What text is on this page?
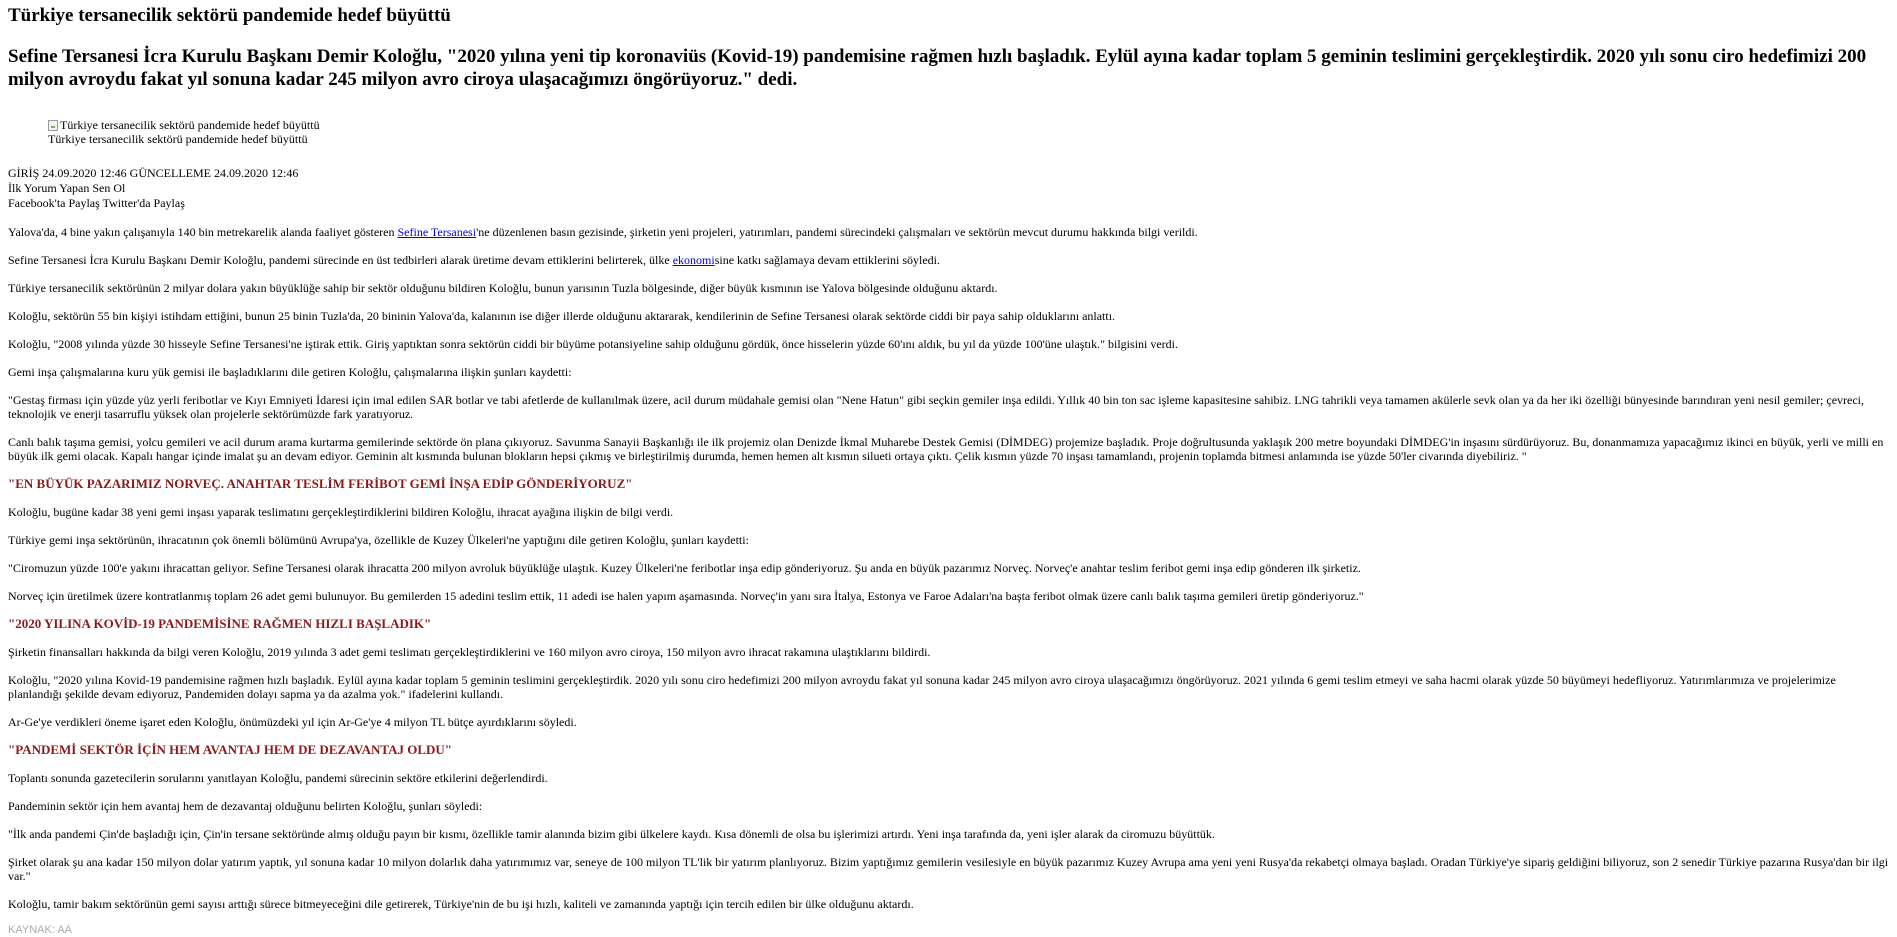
Türkiye tersanecilik sektörü pandemide hedef büyüttü
Sefine Tersanesi İcra Kurulu Başkanı Demir Koloğlu, "2020 yılına yeni tip koronaviüs (Kovid-19) pandemisine rağmen hızlı başladık. Eylül ayına kadar toplam 5 geminin teslimini gerçekleştirdik. 2020 yılı sonu ciro hedefimizi 200 milyon avroydu fakat yıl sonuna kadar 245 milyon avro ciroya ulaşacağımızı öngörüyoruz." dedi.
Türkiye tersanecilik sektörü pandemide hedef büyüttü
Türkiye tersanecilik sektörü pandemide hedef büyüttü
GİRİŞ 24.09.2020 12:46 GÜNCELLEME 24.09.2020 12:46
İlk Yorum Yapan Sen Ol
Facebook'ta Paylaş Twitter'da Paylaş

Yalova'da, 4 bine yakın çalışanıyla 140 bin metrekarelik alanda faaliyet gösteren Sefine Tersanesi'ne düzenlenen basın gezisinde, şirketin yeni projeleri, yatırımları, pandemi sürecindeki çalışmaları ve sektörün mevcut durumu hakkında bilgi verildi.

Sefine Tersanesi İcra Kurulu Başkanı Demir Koloğlu, pandemi sürecinde en üst tedbirleri alarak üretime devam ettiklerini belirterek, ülke ekonomisine katkı sağlamaya devam ettiklerini söyledi.

Türkiye tersanecilik sektörünün 2 milyar dolara yakın büyüklüğe sahip bir sektör olduğunu bildiren Koloğlu, bunun yarısının Tuzla bölgesinde, diğer büyük kısmının ise Yalova bölgesinde olduğunu aktardı.

Koloğlu, sektörün 55 bin kişiyi istihdam ettiğini, bunun 25 binin Tuzla'da, 20 bininin Yalova'da, kalanının ise diğer illerde olduğunu aktararak, kendilerinin de Sefine Tersanesi olarak sektörde ciddi bir paya sahip olduklarını anlattı.

Koloğlu, "2008 yılında yüzde 30 hisseyle Sefine Tersanesi'ne iştirak ettik. Giriş yaptıktan sonra sektörün ciddi bir büyüme potansiyeline sahip olduğunu gördük, önce hisselerin yüzde 60'ını aldık, bu yıl da yüzde 100'üne ulaştık." bilgisini verdi.

Gemi inşa çalışmalarına kuru yük gemisi ile başladıklarını dile getiren Koloğlu, çalışmalarına ilişkin şunları kaydetti:

"Gestaş firması için yüzde yüz yerli feribotlar ve Kıyı Emniyeti İdaresi için imal edilen SAR botlar ve tabi afetlerde de kullanılmak üzere, acil durum müdahale gemisi olan "Nene Hatun" gibi seçkin gemiler inşa edildi. Yıllık 40 bin ton sac işleme kapasitesine sahibiz. LNG tahrikli veya tamamen akülerle sevk olan ya da her iki özelliği bünyesinde barındıran yeni nesil gemiler; çevreci, teknolojik ve enerji tasarruflu yüksek olan projelerle sektörümüzde fark yaratıyoruz.

Canlı balık taşıma gemisi, yolcu gemileri ve acil durum arama kurtarma gemilerinde sektörde ön plana çıkıyoruz. Savunma Sanayii Başkanlığı ile ilk projemiz olan Denizde İkmal Muharebe Destek Gemisi (DİMDEG) projemize başladık. Proje doğrultusunda yaklaşık 200 metre boyundaki DİMDEG'in inşasını sürdürüyoruz. Bu, donanmamıza yapacağımız ikinci en büyük, yerli ve milli en büyük ilk gemi olacak. Kapalı hangar içinde imalat şu an devam ediyor. Geminin alt kısmında bulunan blokların hepsi çıkmış ve birleştirilmiş durumda, hemen hemen alt kısmın silueti ortaya çıktı. Çelik kısmın yüzde 70 inşası tamamlandı, projenin toplamda bitmesi anlamında ise yüzde 50'ler civarında diyebiliriz. "

"EN BÜYÜK PAZARIMIZ NORVEÇ. ANAHTAR TESLİM FERİBOT GEMİ İNŞA EDİP GÖNDERİYORUZ"

Koloğlu, bugüne kadar 38 yeni gemi inşası yaparak teslimatını gerçekleştirdiklerini bildiren Koloğlu, ihracat ayağına ilişkin de bilgi verdi.

Türkiye gemi inşa sektörünün, ihracatının çok önemli bölümünü Avrupa'ya, özellikle de Kuzey Ülkeleri'ne yaptığını dile getiren Koloğlu, şunları kaydetti:

"Ciromuzun yüzde 100'e yakını ihracattan geliyor. Sefine Tersanesi olarak ihracatta 200 milyon avroluk büyüklüğe ulaştık. Kuzey Ülkeleri'ne feribotlar inşa edip gönderiyoruz. Şu anda en büyük pazarımız Norveç. Norveç'e anahtar teslim feribot gemi inşa edip gönderen ilk şirketiz.

Norveç için üretilmek üzere kontratlanmış toplam 26 adet gemi bulunuyor. Bu gemilerden 15 adedini teslim ettik, 11 adedi ise halen yapım aşamasında. Norveç'in yanı sıra İtalya, Estonya ve Faroe Adaları'na başta feribot olmak üzere canlı balık taşıma gemileri üretip gönderiyoruz."

"2020 YILINA KOVİD-19 PANDEMİSİNE RAĞMEN HIZLI BAŞLADIK"

Şirketin finansalları hakkında da bilgi veren Koloğlu, 2019 yılında 3 adet gemi teslimatı gerçekleştirdiklerini ve 160 milyon avro ciroya, 150 milyon avro ihracat rakamına ulaştıklarını bildirdi.

Koloğlu, "2020 yılına Kovid-19 pandemisine rağmen hızlı başladık. Eylül ayına kadar toplam 5 geminin teslimini gerçekleştirdik. 2020 yılı sonu ciro hedefimizi 200 milyon avroydu fakat yıl sonuna kadar 245 milyon avro ciroya ulaşacağımızı öngörüyoruz. 2021 yılında 6 gemi teslim etmeyi ve saha hacmi olarak yüzde 50 büyümeyi hedefliyoruz. Yatırımlarımıza ve projelerimize planlandığı şekilde devam ediyoruz, Pandemiden dolayı sapma ya da azalma yok." ifadelerini kullandı.

Ar-Ge'ye verdikleri öneme işaret eden Koloğlu, önümüzdeki yıl için Ar-Ge'ye 4 milyon TL bütçe ayırdıklarını söyledi.

"PANDEMİ SEKTÖR İÇİN HEM AVANTAJ HEM DE DEZAVANTAJ OLDU"

Toplantı sonunda gazetecilerin sorularını yanıtlayan Koloğlu, pandemi sürecinin sektöre etkilerini değerlendirdi.

Pandeminin sektör için hem avantaj hem de dezavantaj olduğunu belirten Koloğlu, şunları söyledi:

"İlk anda pandemi Çin'de başladığı için, Çin'in tersane sektöründe almış olduğu payın bir kısmı, özellikle tamir alanında bizim gibi ülkelere kaydı. Kısa dönemli de olsa bu işlerimizi artırdı. Yeni inşa tarafında da, yeni işler alarak da ciromuzu büyüttük.

Şirket olarak şu ana kadar 150 milyon dolar yatırım yaptık, yıl sonuna kadar 10 milyon dolarlık daha yatırımımız var, seneye de 100 milyon TL'lik bir yatırım planlıyoruz. Bizim yaptığımız gemilerin vesilesiyle en büyük pazarımız Kuzey Avrupa ama yeni yeni Rusya'da rekabetçi olmaya başladı. Oradan Türkiye'ye sipariş geldiğini biliyoruz, son 2 senedir Türkiye pazarına Rusya'dan bir ilgi var."

Koloğlu, tamir bakım sektörünün gemi sayısı arttığı sürece bitmeyeceğini dile getirerek, Türkiye'nin de bu işi hızlı, kaliteli ve zamanında yaptığı için tercih edilen bir ülke olduğunu aktardı.

KAYNAK: AA
